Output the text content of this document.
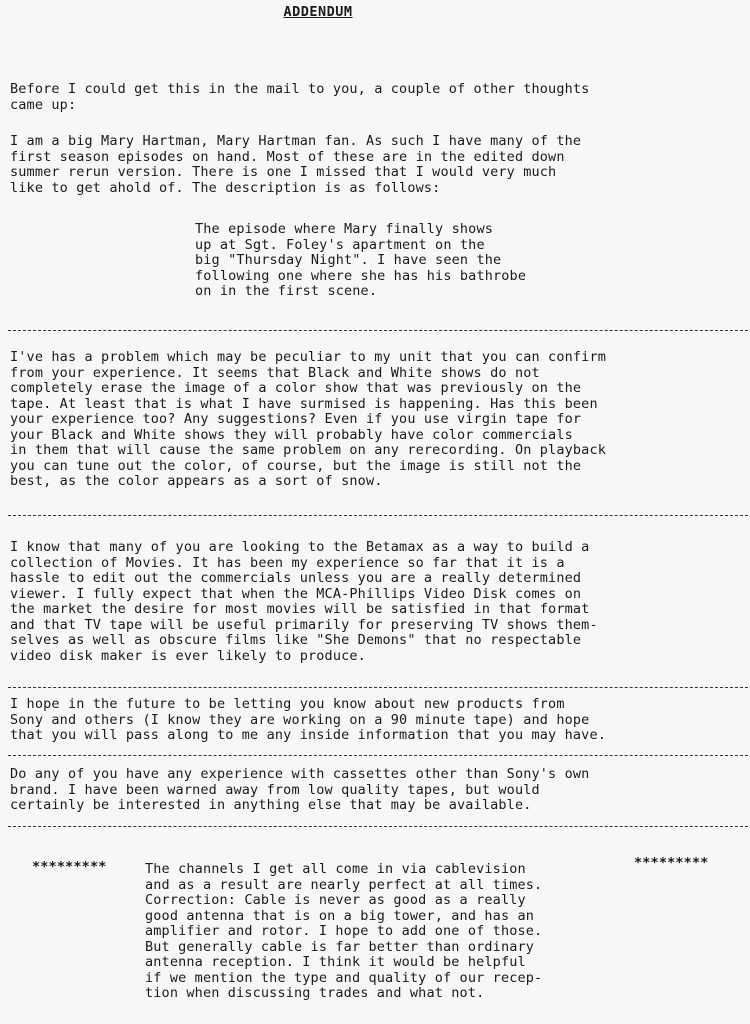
ADDENDUM
Before I could get this in the mail to you, a couple of other thoughts
came up:
I am a big Mary Hartman, Mary Hartman fan. As such I have many of the
first season episodes on hand. Most of these are in the edited down
summer rerun version. There is one I missed that I would very much
like to get ahold of. The description is as follows:
The episode where Mary finally shows
up at Sgt. Foley's apartment on the
big "Thursday Night". I have seen the
following one where she has his bathrobe
on in the first scene.
I've has a problem which may be peculiar to my unit that you can confirm
from your experience. It seems that Black and White shows do not
completely erase the image of a color show that was previously on the
tape. At least that is what I have surmised is happening. Has this been
your experience too? Any suggestions? Even if you use virgin tape for
your Black and White shows they will probably have color commercials
in them that will cause the same problem on any rerecording. On playback
you can tune out the color, of course, but the image is still not the
best, as the color appears as a sort of snow.
I know that many of you are looking to the Betamax as a way to build a
collection of Movies. It has been my experience so far that it is a
hassle to edit out the commercials unless you are a really determined
viewer. I fully expect that when the MCA-Phillips Video Disk comes on
the market the desire for most movies will be satisfied in that format
and that TV tape will be useful primarily for preserving TV shows them-
selves as well as obscure films like "She Demons" that no respectable
video disk maker is ever likely to produce.
I hope in the future to be letting you know about new products from
Sony and others (I know they are working on a 90 minute tape) and hope
that you will pass along to me any inside information that you may have.
Do any of you have any experience with cassettes other than Sony's own
brand. I have been warned away from low quality tapes, but would
certainly be interested in anything else that may be available.
*********	*********
The channels I get all come in via cablevision
and as a result are nearly perfect at all times.
Correction: Cable is never as good as a really
good antenna that is on a big tower, and has an
amplifier and rotor. I hope to add one of those.
But generally cable is far better than ordinary
antenna reception. I think it would be helpful
if we mention the type and quality of our recep-
tion when discussing trades and what not.
